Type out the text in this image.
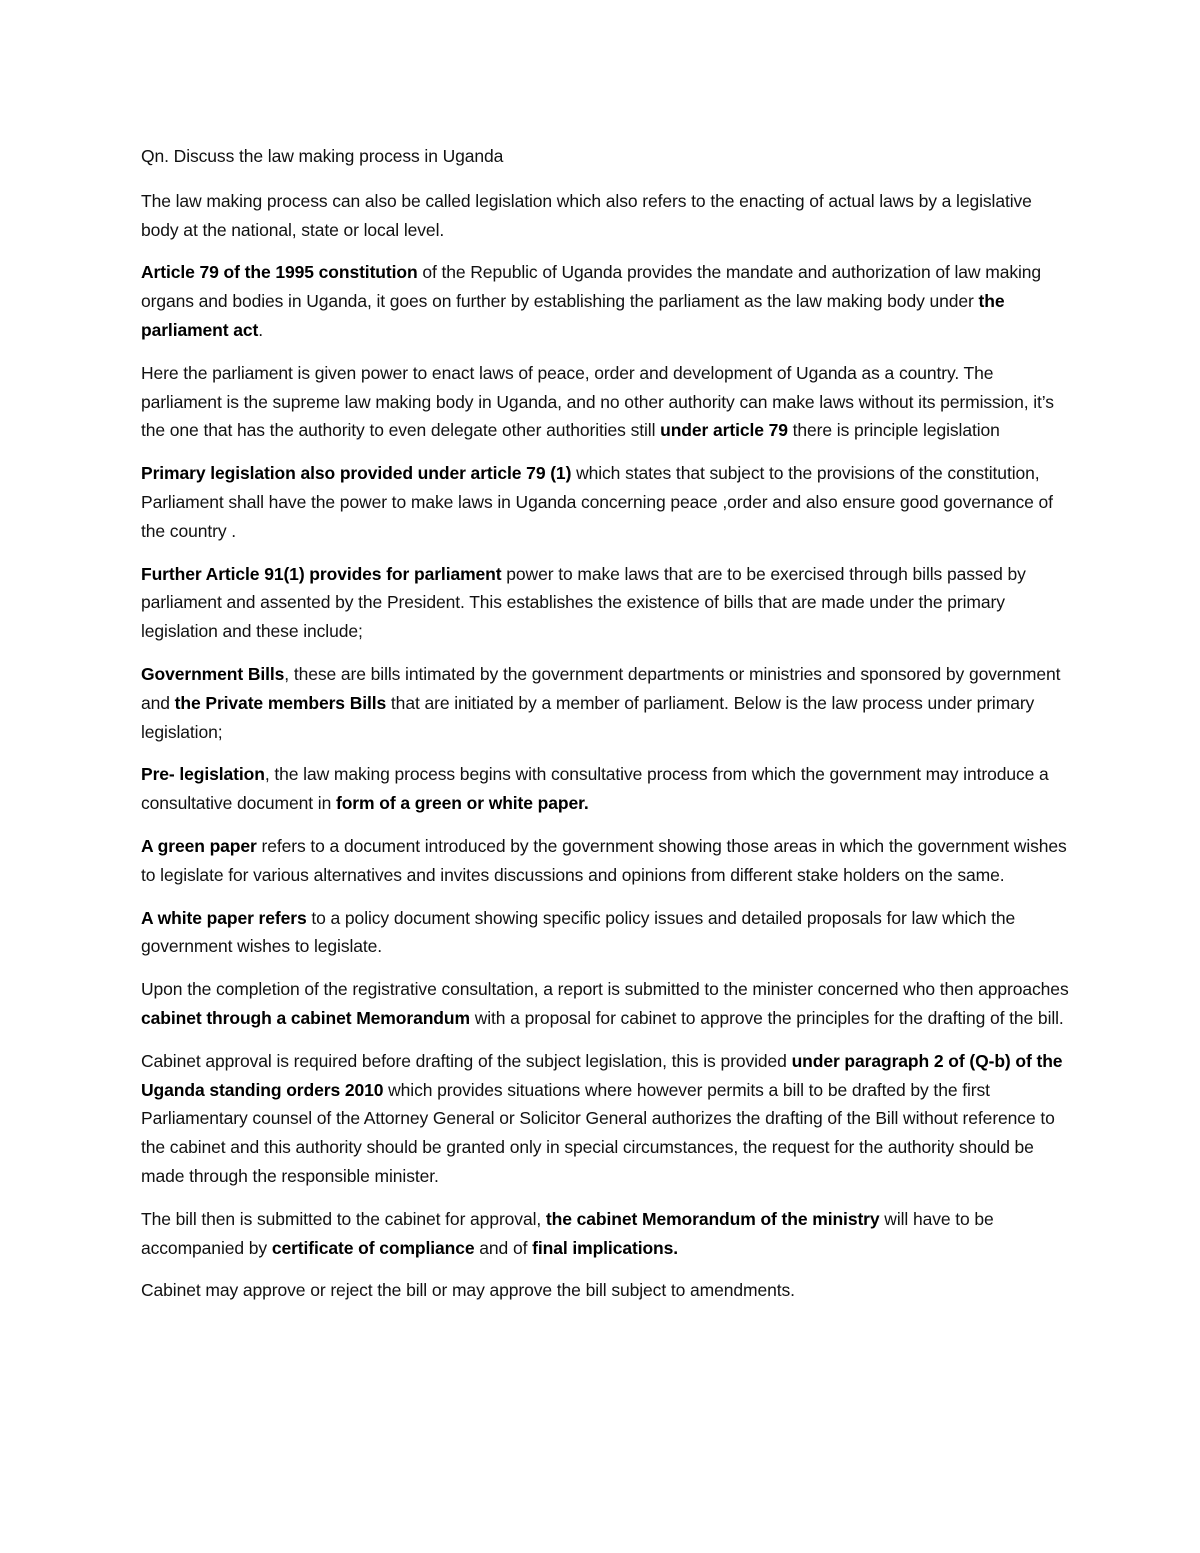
Qn. Discuss the law making process in Uganda

The law making process can also be called legislation which also refers to the enacting of actual laws by a legislative body at the national, state or local level.

Article 79 of the 1995 constitution of the Republic of Uganda provides the mandate and authorization of law making organs and bodies in Uganda, it goes on further by establishing the parliament as the law making body under the parliament act.

Here the parliament is given power to enact laws of peace, order and development of Uganda as a country. The parliament is the supreme law making body in Uganda, and no other authority can make laws without its permission, it’s the one that has the authority to even delegate other authorities still under article 79 there is principle legislation

Primary legislation also provided under article 79 (1) which states that subject to the provisions of the constitution, Parliament shall have the power to make laws in Uganda concerning peace ,order and also ensure good governance of the country .

Further Article 91(1) provides for parliament power to make laws that are to be exercised through bills passed by parliament and assented by the President. This establishes the existence of bills that are made under the primary legislation and these include;

Government Bills, these are bills intimated by the government departments or ministries and sponsored by government and the Private members Bills that are initiated by a member of parliament. Below is the law process under primary legislation;

Pre- legislation, the law making process begins with consultative process from which the government may introduce a consultative document in form of a green or white paper.

A green paper refers to a document introduced by the government showing those areas in which the government wishes to legislate for various alternatives and invites discussions and opinions from different stake holders on the same.

A white paper refers to a policy document showing specific policy issues and detailed proposals for law which the government wishes to legislate.

Upon the completion of the registrative consultation, a report is submitted to the minister concerned who then approaches cabinet through a cabinet Memorandum with a proposal for cabinet to approve the principles for the drafting of the bill.

Cabinet approval is required before drafting of the subject legislation, this is provided under paragraph 2 of (Q-b) of the Uganda standing orders 2010 which provides situations where however permits a bill to be drafted by the first Parliamentary counsel of the Attorney General or Solicitor General authorizes the drafting of the Bill without reference to the cabinet and this authority should be granted only in special circumstances, the request for the authority should be made through the responsible minister.

The bill then is submitted to the cabinet for approval, the cabinet Memorandum of the ministry will have to be accompanied by certificate of compliance and of final implications.

Cabinet may approve or reject the bill or may approve the bill subject to amendments.
